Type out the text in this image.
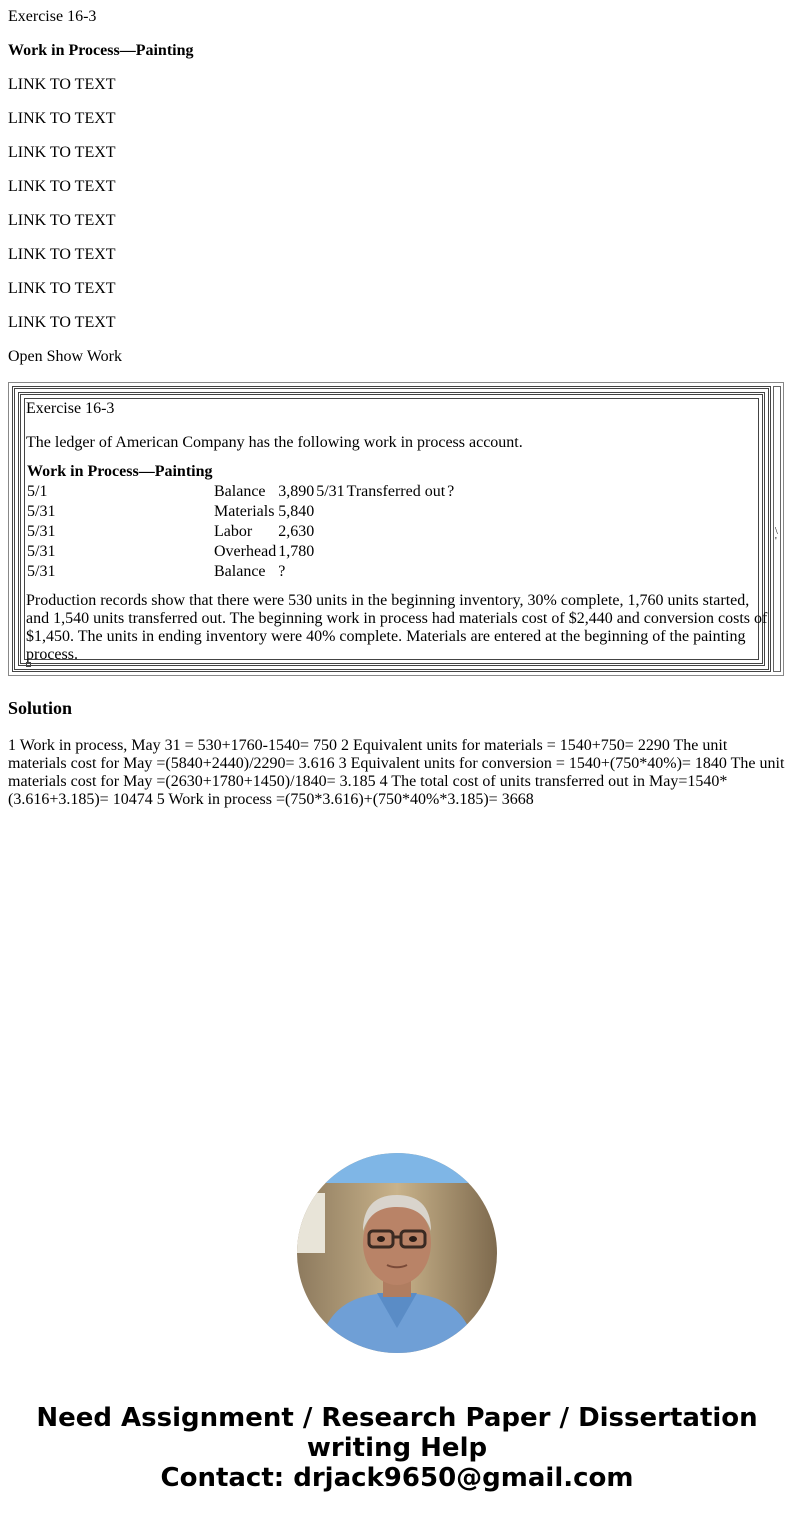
Exercise 16-3

Work in Process—Painting

LINK TO TEXT

LINK TO TEXT

LINK TO TEXT

LINK TO TEXT

LINK TO TEXT

LINK TO TEXT

LINK TO TEXT

LINK TO TEXT

Open Show Work

Exercise 16-3

The ledger of American Company has the following work in process account.

Work in Process—Painting					
5/1	Balance	3,890	5/31	Transferred out	?
5/31	Materials	5,840			
5/31	Labor	2,630			
5/31	Overhead	1,780			
5/31	Balance	?			

Production records show that there were 530 units in the beginning inventory, 30% complete, 1,760 units started, and 1,540 units transferred out. The beginning work in process had materials cost of $2,440 and conversion costs of $1,450. The units in ending inventory were 40% complete. Materials are entered at the beginning of the painting process.

\ '

Solution

1 Work in process, May 31 = 530+1760-1540= 750 2 Equivalent units for materials = 1540+750= 2290 The unit materials cost for May =(5840+2440)/2290= 3.616 3 Equivalent units for conversion = 1540+(750*40%)= 1840 The unit materials cost for May =(2630+1780+1450)/1840= 3.185 4 The total cost of units transferred out in May=1540*(3.616+3.185)= 10474 5 Work in process =(750*3.616)+(750*40%*3.185)= 3668

Need Assignment / Research Paper / Dissertation
writing Help
Contact: drjack9650@gmail.com
